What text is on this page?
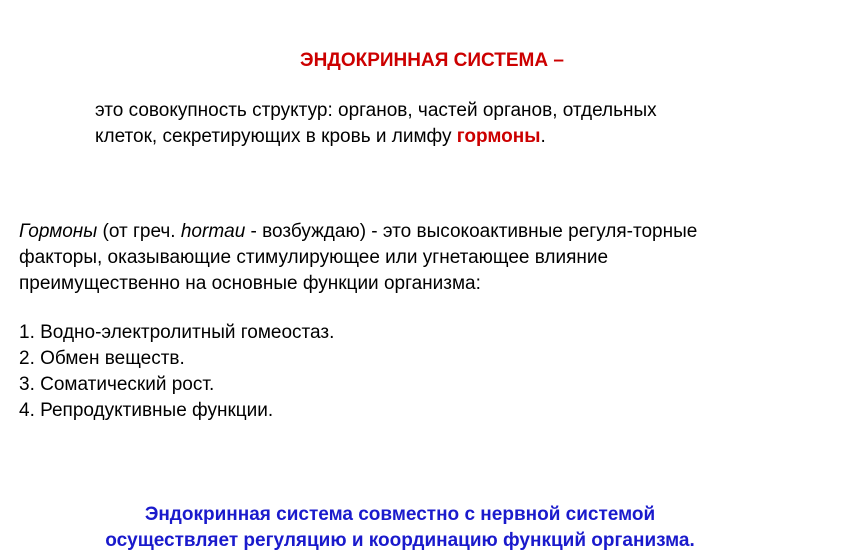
ЭНДОКРИННАЯ СИСТЕМА –
это совокупность структур: органов, частей органов, отдельных
клеток, секретирующих в кровь и лимфу гормоны.
Гормоны (от греч. hormau - возбуждаю) - это высокоактивные регуля-торные
факторы, оказывающие стимулирующее или угнетающее влияние
преимущественно на основные функции организма:
1. Водно-электролитный гомеостаз.
2. Обмен веществ.
3. Соматический рост.
4. Репродуктивные функции.
Эндокринная система совместно с нервной системой
осуществляет регуляцию и координацию функций организма.
